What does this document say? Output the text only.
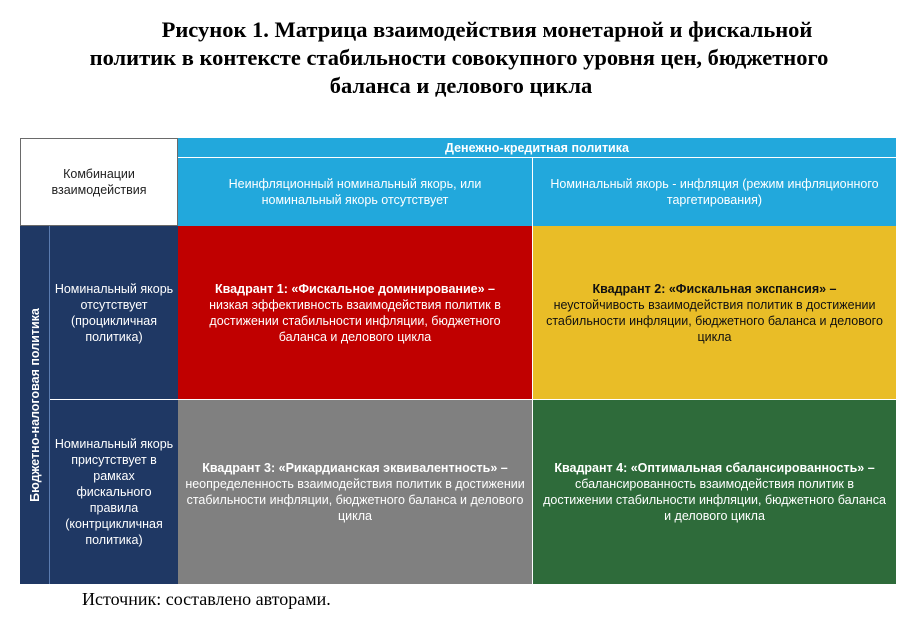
Рисунок 1. Матрица взаимодействия монетарной и фискальной
политик в контексте стабильности совокупного уровня цен, бюджетного
баланса и делового цикла
Комбинации взаимодействия
Денежно-кредитная политика
Неинфляционный номинальный якорь, или номинальный якорь отсутствует
Номинальный якорь - инфляция (режим инфляционного таргетирования)
Бюджетно-налоговая политика
Номинальный якорь отсутствует (процикличная политика)
Номинальный якорь присутствует в рамках фискального правила (контрцикличная политика)
Квадрант 1: «Фискальное доминирование» –
низкая эффективность взаимодействия политик в достижении стабильности инфляции, бюджетного баланса и делового цикла
Квадрант 2: «Фискальная экспансия» –
неустойчивость взаимодействия политик в достижении стабильности инфляции, бюджетного баланса и делового цикла
Квадрант 3: «Рикардианская эквивалентность» –
неопределенность взаимодействия политик в достижении стабильности инфляции, бюджетного баланса и делового цикла
Квадрант 4: «Оптимальная сбалансированность» –
сбалансированность взаимодействия политик в достижении стабильности инфляции, бюджетного баланса и делового цикла
Источник: составлено авторами.
